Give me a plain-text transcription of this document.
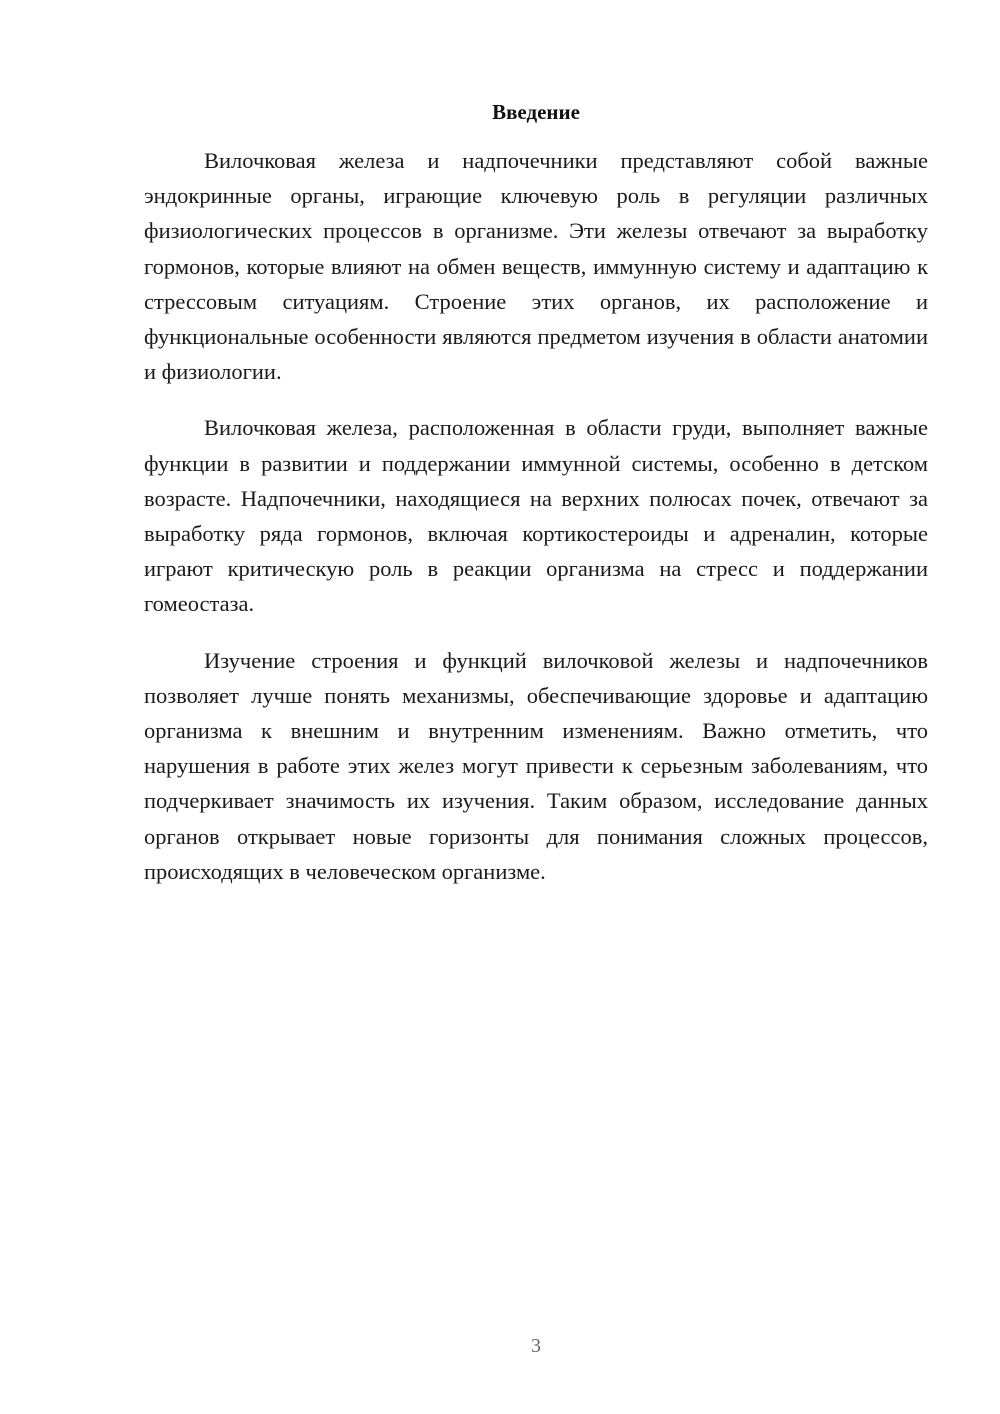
Введение

Вилочковая железа и надпочечники представляют собой важные эндокринные органы, играющие ключевую роль в регуляции различных физиологических процессов в организме. Эти железы отвечают за выработку гормонов, которые влияют на обмен веществ, иммунную систему и адаптацию к стрессовым ситуациям. Строение этих органов, их расположение и функциональные особенности являются предметом изучения в области анатомии и физиологии.

Вилочковая железа, расположенная в области груди, выполняет важные функции в развитии и поддержании иммунной системы, особенно в детском возрасте. Надпочечники, находящиеся на верхних полюсах почек, отвечают за выработку ряда гормонов, включая кортикостероиды и адреналин, которые играют критическую роль в реакции организма на стресс и поддержании гомеостаза.

Изучение строения и функций вилочковой железы и надпочечников позволяет лучше понять механизмы, обеспечивающие здоровье и адаптацию организма к внешним и внутренним изменениям. Важно отметить, что нарушения в работе этих желез могут привести к серьезным заболеваниям, что подчеркивает значимость их изучения. Таким образом, исследование данных органов открывает новые горизонты для понимания сложных процессов, происходящих в человеческом организме.

3
